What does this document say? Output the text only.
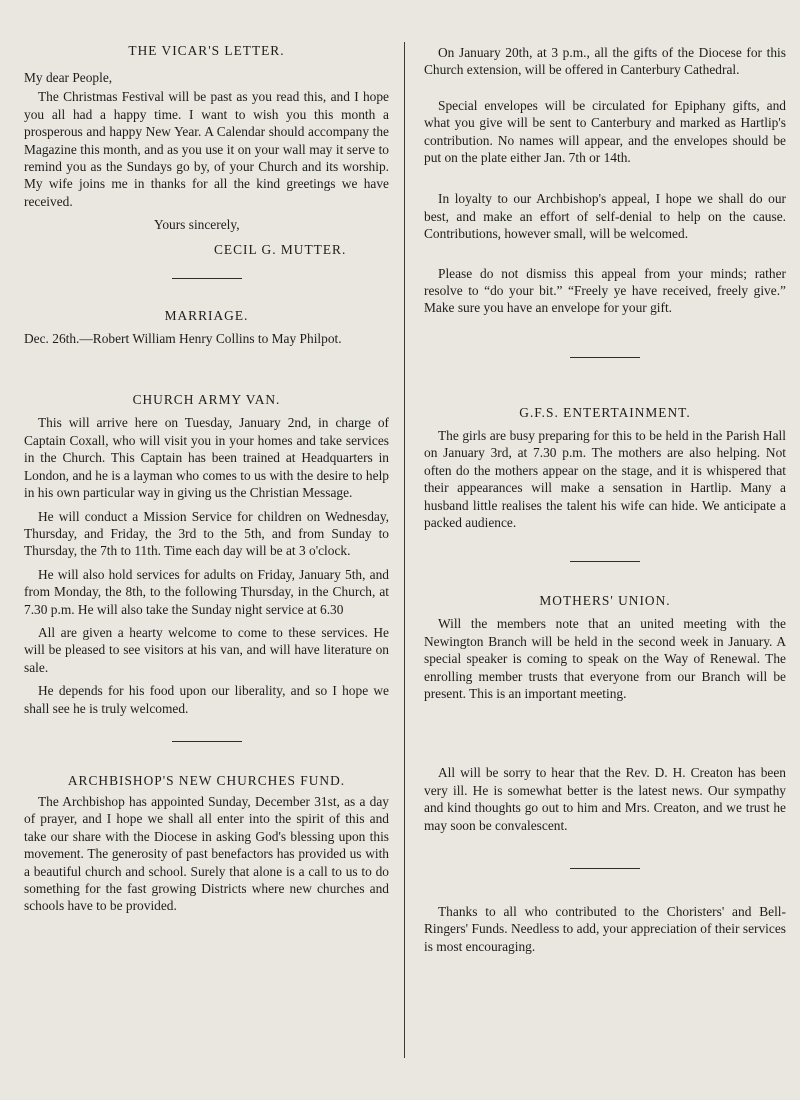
THE VICAR'S LETTER.

My dear People,

The Christmas Festival will be past as you read this, and I hope you all had a happy time. I want to wish you this month a prosperous and happy New Year. A Calendar should accompany the Magazine this month, and as you use it on your wall may it serve to remind you as the Sundays go by, of your Church and its worship. My wife joins me in thanks for all the kind greetings we have received.

Yours sincerely,

CECIL G. MUTTER.

MARRIAGE.

Dec. 26th.—Robert William Henry Collins to May Philpot.

CHURCH ARMY VAN.

This will arrive here on Tuesday, January 2nd, in charge of Captain Coxall, who will visit you in your homes and take services in the Church. This Captain has been trained at Headquarters in London, and he is a layman who comes to us with the desire to help in his own particular way in giving us the Christian Message.

He will conduct a Mission Service for children on Wednesday, Thursday, and Friday, the 3rd to the 5th, and from Sunday to Thursday, the 7th to 11th. Time each day will be at 3 o'clock.

He will also hold services for adults on Friday, January 5th, and from Monday, the 8th, to the following Thursday, in the Church, at 7.30 p.m. He will also take the Sunday night service at 6.30

All are given a hearty welcome to come to these services. He will be pleased to see visitors at his van, and will have literature on sale.

He depends for his food upon our liberality, and so I hope we shall see he is truly welcomed.

ARCHBISHOP'S NEW CHURCHES FUND.

The Archbishop has appointed Sunday, December 31st, as a day of prayer, and I hope we shall all enter into the spirit of this and take our share with the Diocese in asking God's blessing upon this movement. The generosity of past benefactors has provided us with a beautiful church and school. Surely that alone is a call to us to do something for the fast growing Districts where new churches and schools have to be provided.

On January 20th, at 3 p.m., all the gifts of the Diocese for this Church extension, will be offered in Canterbury Cathedral.

Special envelopes will be circulated for Epiphany gifts, and what you give will be sent to Canterbury and marked as Hartlip's contribution. No names will appear, and the envelopes should be put on the plate either Jan. 7th or 14th.

In loyalty to our Archbishop's appeal, I hope we shall do our best, and make an effort of self-denial to help on the cause. Contributions, however small, will be welcomed.

Please do not dismiss this appeal from your minds; rather resolve to “do your bit.” “Freely ye have received, freely give.” Make sure you have an envelope for your gift.

G.F.S. ENTERTAINMENT.

The girls are busy preparing for this to be held in the Parish Hall on January 3rd, at 7.30 p.m. The mothers are also helping. Not often do the mothers appear on the stage, and it is whispered that their appearances will make a sensation in Hartlip. Many a husband little realises the talent his wife can hide. We anticipate a packed audience.

MOTHERS' UNION.

Will the members note that an united meeting with the Newington Branch will be held in the second week in January. A special speaker is coming to speak on the Way of Renewal. The enrolling member trusts that everyone from our Branch will be present. This is an important meeting.

All will be sorry to hear that the Rev. D. H. Creaton has been very ill. He is somewhat better is the latest news. Our sympathy and kind thoughts go out to him and Mrs. Creaton, and we trust he may soon be convalescent.

Thanks to all who contributed to the Choristers' and Bell-Ringers' Funds. Needless to add, your appreciation of their services is most encouraging.
